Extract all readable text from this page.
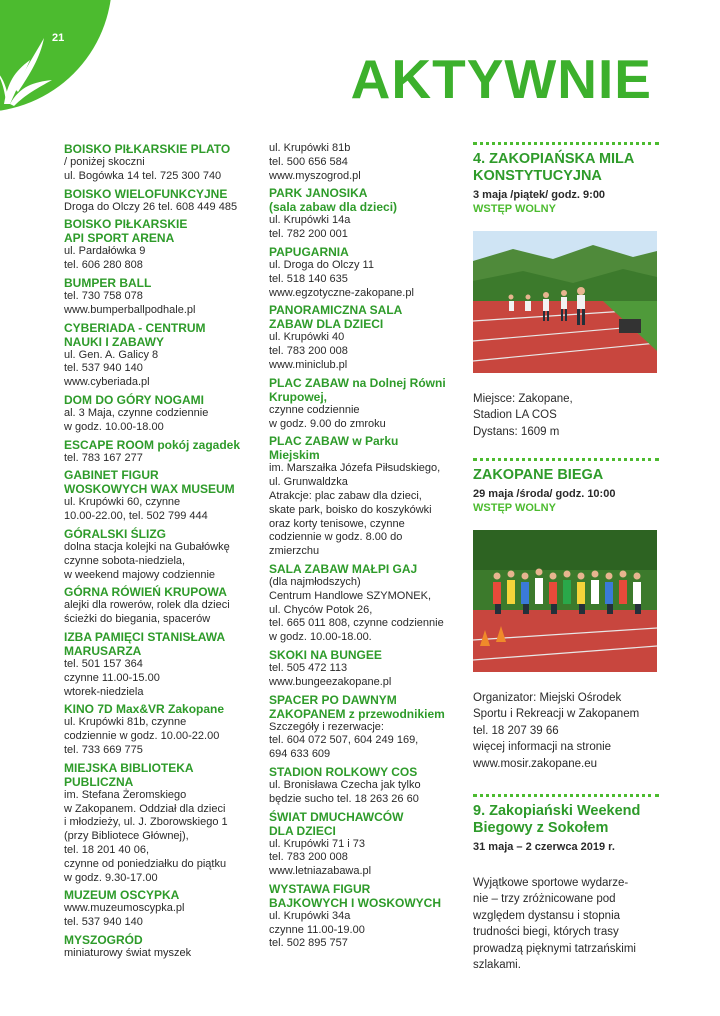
21
AKTYWNIE
BOISKO PIŁKARSKIE PLATO
/ poniżej skoczni
ul. Bogówka 14 tel. 725 300 740
BOISKO WIELOFUNKCYJNE
Droga do Olczy 26 tel. 608 449 485
BOISKO PIŁKARSKIE
API SPORT ARENA
ul. Pardałówka 9
tel. 606 280 808
BUMPER BALL
tel. 730 758 078
www.bumperballpodhale.pl
CYBERIADA - CENTRUM
NAUKI I ZABAWY
ul. Gen. A. Galicy 8
tel. 537 940 140
www.cyberiada.pl
DOM DO GÓRY NOGAMI
al. 3 Maja, czynne codziennie
w godz. 10.00-18.00
ESCAPE ROOM pokój zagadek
tel. 783 167 277
GABINET FIGUR
WOSKOWYCH WAX MUSEUM
ul. Krupówki 60, czynne
10.00-22.00, tel. 502 799 444
GÓRALSKI ŚLIZG
dolna stacja kolejki na Gubałówkę
czynne sobota-niedziela,
w weekend majowy codziennie
GÓRNA RÓWIEŃ KRUPOWA
alejki dla rowerów, rolek dla dzieci
ścieżki do biegania, spacerów
IZBA PAMIĘCI STANISŁAWA
MARUSARZA
tel. 501 157 364
czynne 11.00-15.00
wtorek-niedziela
KINO 7D Max&VR Zakopane
ul. Krupówki 81b, czynne
codziennie w godz. 10.00-22.00
tel. 733 669 775
MIEJSKA BIBLIOTEKA
PUBLICZNA
im. Stefana Żeromskiego
w Zakopanem. Oddział dla dzieci
i młodzieży, ul. J. Zborowskiego 1
(przy Bibliotece Głównej),
tel. 18 201 40 06,
czynne od poniedziałku do piątku
w godz. 9.30-17.00
MUZEUM OSCYPKA
www.muzeumoscypka.pl
tel. 537 940 140
MYSZOGRÓD
miniaturowy świat myszek
ul. Krupówki 81b
tel. 500 656 584
www.myszogrod.pl
PARK JANOSIKA
(sala zabaw dla dzieci)
ul. Krupówki 14a
tel. 782 200 001
PAPUGARNIA
ul. Droga do Olczy 11
tel. 518 140 635
www.egzotyczne-zakopane.pl
PANORAMICZNA SALA
ZABAW DLA DZIECI
ul. Krupówki 40
tel. 783 200 008
www.miniclub.pl
PLAC ZABAW na Dolnej Równi
Krupowej,
czynne codziennie
w godz. 9.00 do zmroku
PLAC ZABAW w Parku
Miejskim
im. Marszałka Józefa Piłsudskiego,
ul. Grunwaldzka
Atrakcje: plac zabaw dla dzieci,
skate park, boisko do koszykówki
oraz korty tenisowe, czynne
codziennie w godz. 8.00 do
zmierzchu
SALA ZABAW MAŁPI GAJ
(dla najmłodszych)
Centrum Handlowe SZYMONEK,
ul. Chyców Potok 26,
tel. 665 011 808, czynne codziennie
w godz. 10.00-18.00.
SKOKI NA BUNGEE
tel. 505 472 113
www.bungeezakopane.pl
SPACER PO DAWNYM
ZAKOPANEM z przewodnikiem
Szczegóły i rezerwacje:
tel. 604 072 507, 604 249 169,
694 633 609
STADION ROLKOWY COS
ul. Bronisława Czecha jak tylko
będzie sucho tel. 18 263 26 60
ŚWIAT DMUCHAWCÓW
DLA DZIECI
ul. Krupówki 71 i 73
tel. 783 200 008
www.letniazabawa.pl
WYSTAWA FIGUR
BAJKOWYCH I WOSKOWYCH
ul. Krupówki 34a
czynne 11.00-19.00
tel. 502 895 757
4. ZAKOPIAŃSKA MILA
KONSTYTUCYJNA
3 maja /piątek/ godz. 9:00
WSTĘP WOLNY
Miejsce: Zakopane,
Stadion LA COS
Dystans: 1609 m
ZAKOPANE BIEGA
29 maja /środa/ godz. 10:00
WSTĘP WOLNY
Organizator: Miejski Ośrodek
Sportu i Rekreacji w Zakopanem
tel. 18 207 39 66
więcej informacji na stronie
www.mosir.zakopane.eu
9. Zakopiański Weekend
Biegowy z Sokołem
31 maja – 2 czerwca 2019 r.
Wyjątkowe sportowe wydarze-
nie – trzy zróżnicowane pod
względem dystansu i stopnia
trudności biegi, których trasy
prowadzą pięknymi tatrzańskimi
szlakami.
